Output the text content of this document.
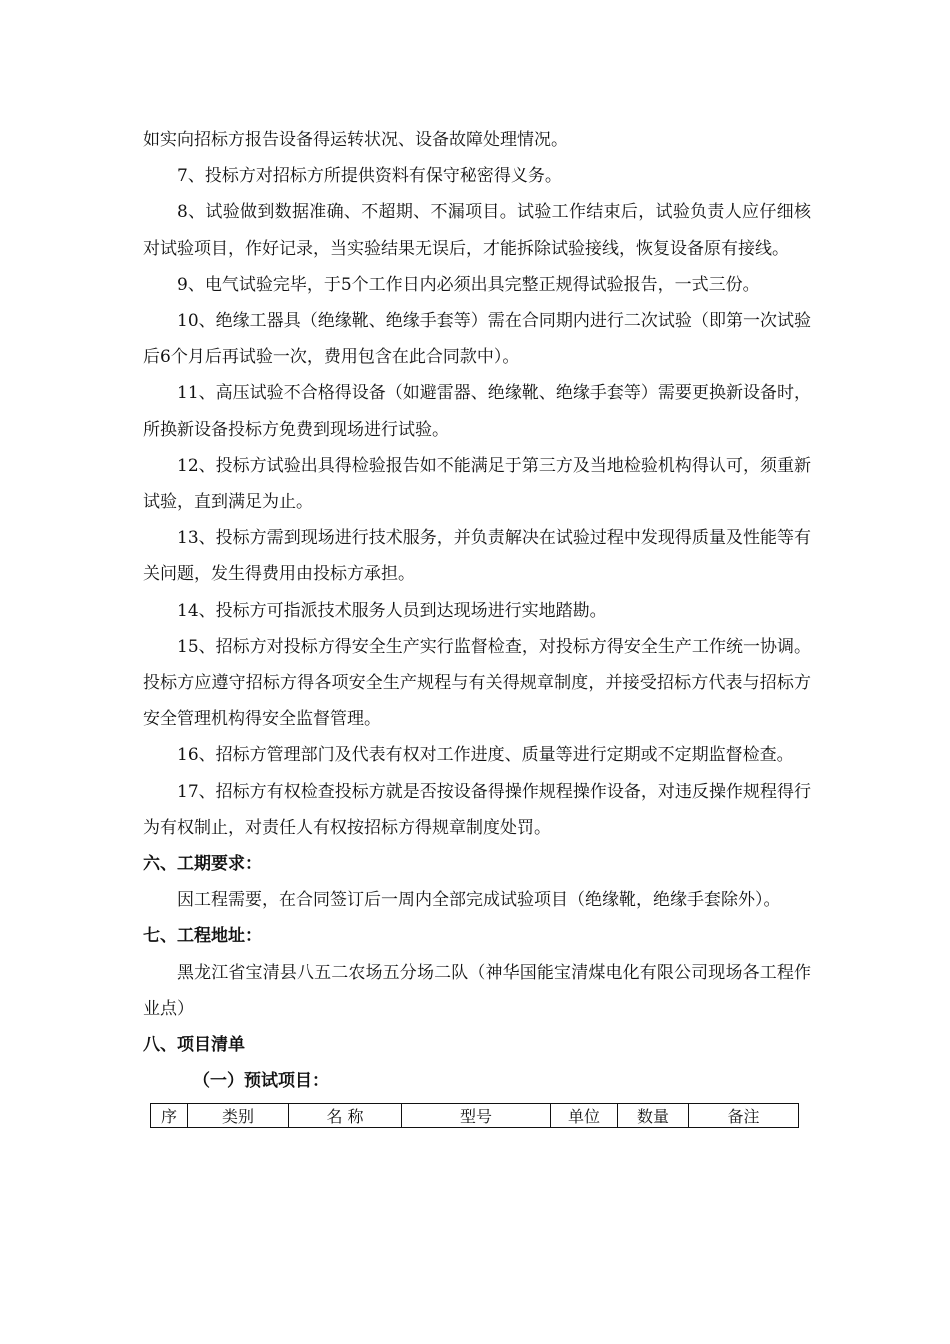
如实向招标方报告设备得运转状况、设备故障处理情况。

7、投标方对招标方所提供资料有保守秘密得义务。

8、试验做到数据准确、不超期、不漏项目。试验工作结束后，试验负责人应仔细核对试验项目，作好记录，当实验结果无误后，才能拆除试验接线，恢复设备原有接线。

9、电气试验完毕，于5个工作日内必须出具完整正规得试验报告，一式三份。

10、绝缘工器具（绝缘靴、绝缘手套等）需在合同期内进行二次试验（即第一次试验后6个月后再试验一次，费用包含在此合同款中）。

11、高压试验不合格得设备（如避雷器、绝缘靴、绝缘手套等）需要更换新设备时，所换新设备投标方免费到现场进行试验。

12、投标方试验出具得检验报告如不能满足于第三方及当地检验机构得认可，须重新试验，直到满足为止。

13、投标方需到现场进行技术服务，并负责解决在试验过程中发现得质量及性能等有关问题，发生得费用由投标方承担。

14、投标方可指派技术服务人员到达现场进行实地踏勘。

15、招标方对投标方得安全生产实行监督检查，对投标方得安全生产工作统一协调。投标方应遵守招标方得各项安全生产规程与有关得规章制度，并接受招标方代表与招标方安全管理机构得安全监督管理。

16、招标方管理部门及代表有权对工作进度、质量等进行定期或不定期监督检查。

17、招标方有权检查投标方就是否按设备得操作规程操作设备，对违反操作规程得行为有权制止，对责任人有权按招标方得规章制度处罚。

六、工期要求：

因工程需要，在合同签订后一周内全部完成试验项目（绝缘靴，绝缘手套除外）。

七、工程地址：

黑龙江省宝清县八五二农场五分场二队（神华国能宝清煤电化有限公司现场各工程作业点）

八、项目清单

（一）预试项目：

序	类别	名 称	型号	单位	数量	备注
